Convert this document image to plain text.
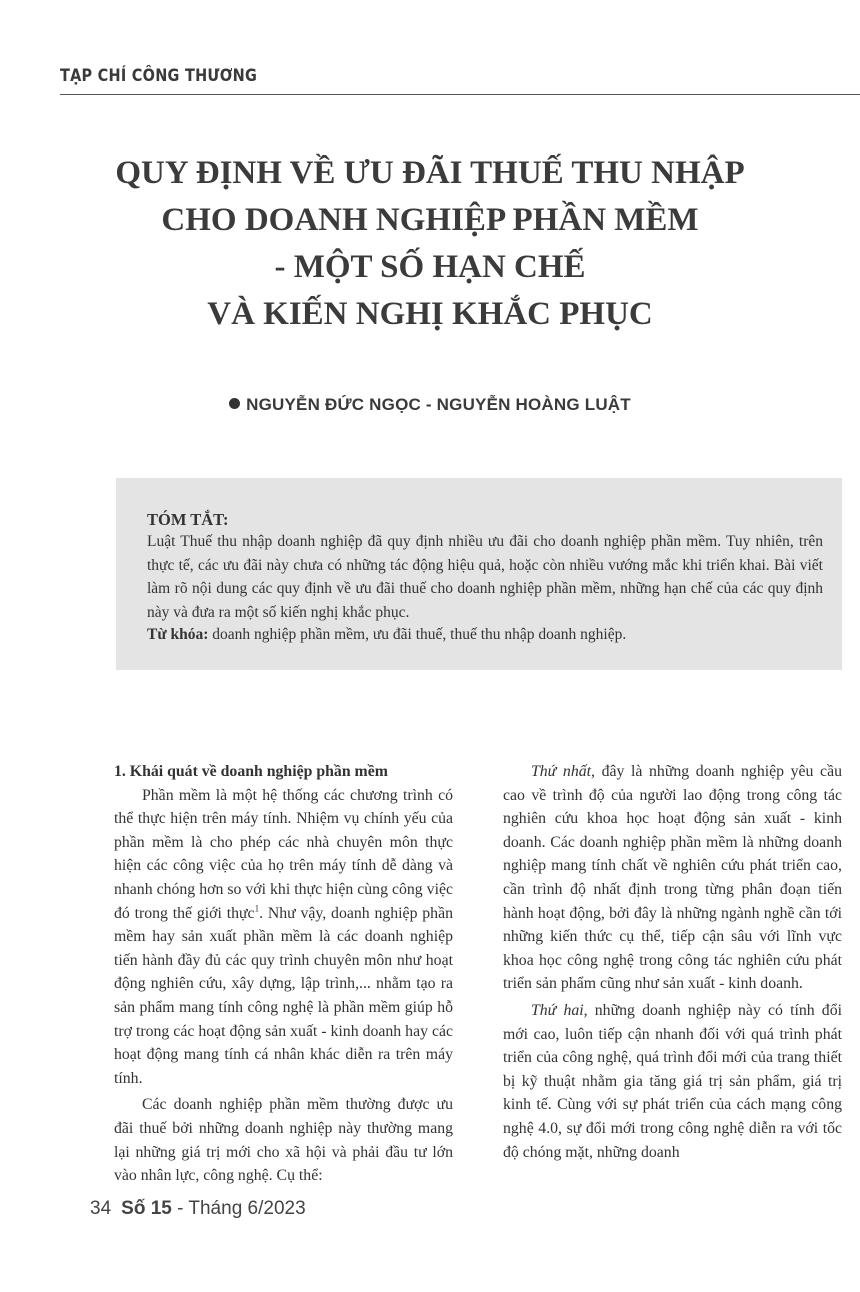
TẠP CHÍ CÔNG THƯƠNG
QUY ĐỊNH VỀ ƯU ĐÃI THUẾ THU NHẬP
CHO DOANH NGHIỆP PHẦN MỀM
- MỘT SỐ HẠN CHẾ
VÀ KIẾN NGHỊ KHẮC PHỤC
NGUYỄN ĐỨC NGỌC - NGUYỄN HOÀNG LUẬT
TÓM TẮT:

Luật Thuế thu nhập doanh nghiệp đã quy định nhiều ưu đãi cho doanh nghiệp phần mềm. Tuy nhiên, trên thực tế, các ưu đãi này chưa có những tác động hiệu quả, hoặc còn nhiều vướng mắc khi triển khai. Bài viết làm rõ nội dung các quy định về ưu đãi thuế cho doanh nghiệp phần mềm, những hạn chế của các quy định này và đưa ra một số kiến nghị khắc phục.

Từ khóa: doanh nghiệp phần mềm, ưu đãi thuế, thuế thu nhập doanh nghiệp.

1. Khái quát về doanh nghiệp phần mềm

Phần mềm là một hệ thống các chương trình có thể thực hiện trên máy tính. Nhiệm vụ chính yếu của phần mềm là cho phép các nhà chuyên môn thực hiện các công việc của họ trên máy tính dễ dàng và nhanh chóng hơn so với khi thực hiện cùng công việc đó trong thế giới thực$^1$. Như vậy, doanh nghiệp phần mềm hay sản xuất phần mềm là các doanh nghiệp tiến hành đầy đủ các quy trình chuyên môn như hoạt động nghiên cứu, xây dựng, lập trình,... nhằm tạo ra sản phẩm mang tính công nghệ là phần mềm giúp hỗ trợ trong các hoạt động sản xuất - kinh doanh hay các hoạt động mang tính cá nhân khác diễn ra trên máy tính.

Các doanh nghiệp phần mềm thường được ưu đãi thuế bởi những doanh nghiệp này thường mang lại những giá trị mới cho xã hội và phải đầu tư lớn vào nhân lực, công nghệ. Cụ thể:

Thứ nhất, đây là những doanh nghiệp yêu cầu cao về trình độ của người lao động trong công tác nghiên cứu khoa học hoạt động sản xuất - kinh doanh. Các doanh nghiệp phần mềm là những doanh nghiệp mang tính chất về nghiên cứu phát triển cao, cần trình độ nhất định trong từng phân đoạn tiến hành hoạt động, bởi đây là những ngành nghề cần tới những kiến thức cụ thể, tiếp cận sâu với lĩnh vực khoa học công nghệ trong công tác nghiên cứu phát triển sản phẩm cũng như sản xuất - kinh doanh.

Thứ hai, những doanh nghiệp này có tính đổi mới cao, luôn tiếp cận nhanh đối với quá trình phát triển của công nghệ, quá trình đổi mới của trang thiết bị kỹ thuật nhằm gia tăng giá trị sản phẩm, giá trị kinh tế. Cùng với sự phát triển của cách mạng công nghệ 4.0, sự đổi mới trong công nghệ diễn ra với tốc độ chóng mặt, những doanh

34 Số 15 - Tháng 6/2023
